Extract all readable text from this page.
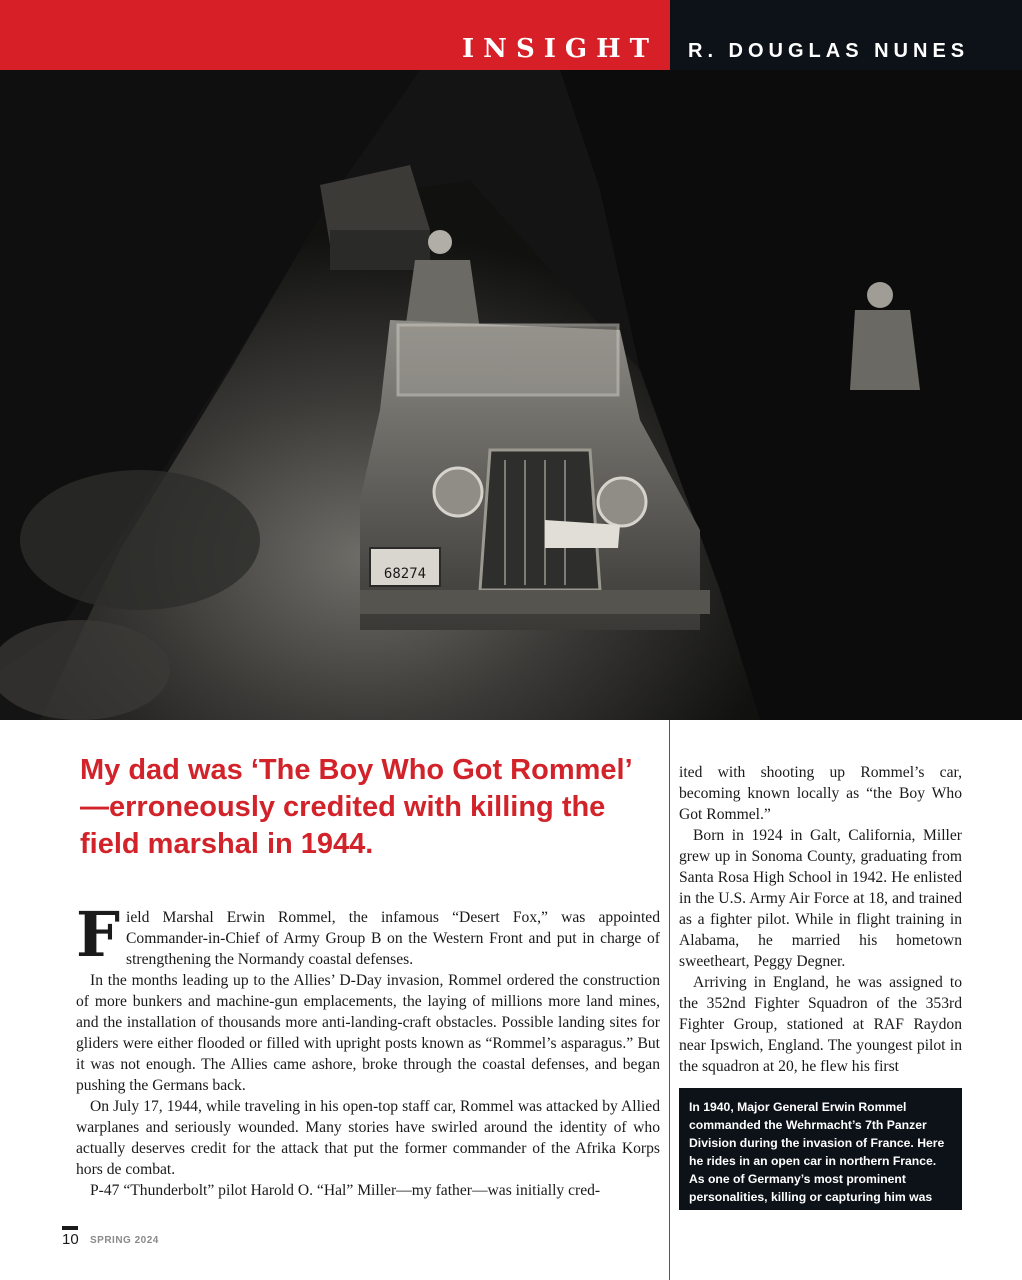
INSIGHT R. DOUGLAS NUNES
68274
My dad was ‘The Boy Who Got Rommel’ —erroneously credited with killing the field marshal in 1944.

Field Marshal Erwin Rommel, the infamous “Desert Fox,” was appointed Commander-in-Chief of Army Group B on the Western Front and put in charge of strengthening the Normandy coastal defenses.

In the months leading up to the Allies’ D-Day invasion, Rommel ordered the construction of more bunkers and machine-gun emplacements, the laying of millions more land mines, and the installation of thousands more anti-landing-craft obstacles. Possible landing sites for gliders were either flooded or filled with upright posts known as “Rommel’s asparagus.” But it was not enough. The Allies came ashore, broke through the coastal defenses, and began pushing the Germans back.

On July 17, 1944, while traveling in his open-top staff car, Rommel was attacked by Allied warplanes and seriously wounded. Many stories have swirled around the identity of who actually deserves credit for the attack that put the former commander of the Afrika Korps hors de combat.

P-47 “Thunderbolt” pilot Harold O. “Hal” Miller—my father—was initially cred-

ited with shooting up Rommel’s car, becoming known locally as “the Boy Who Got Rommel.”

Born in 1924 in Galt, California, Miller grew up in Sonoma County, graduating from Santa Rosa High School in 1942. He enlisted in the U.S. Army Air Force at 18, and trained as a fighter pilot. While in flight training in Alabama, he married his hometown sweetheart, Peggy Degner.

Arriving in England, he was assigned to the 352nd Fighter Squadron of the 353rd Fighter Group, stationed at RAF Raydon near Ipswich, England. The youngest pilot in the squadron at 20, he flew his first

In 1940, Major General Erwin Rommel commanded the Wehrmacht’s 7th Panzer Division during the invasion of France. Here he rides in an open car in northern France. As one of Germany’s most prominent personalities, killing or capturing him was one of the Allies’ top priorities.
10 SPRING 2024
